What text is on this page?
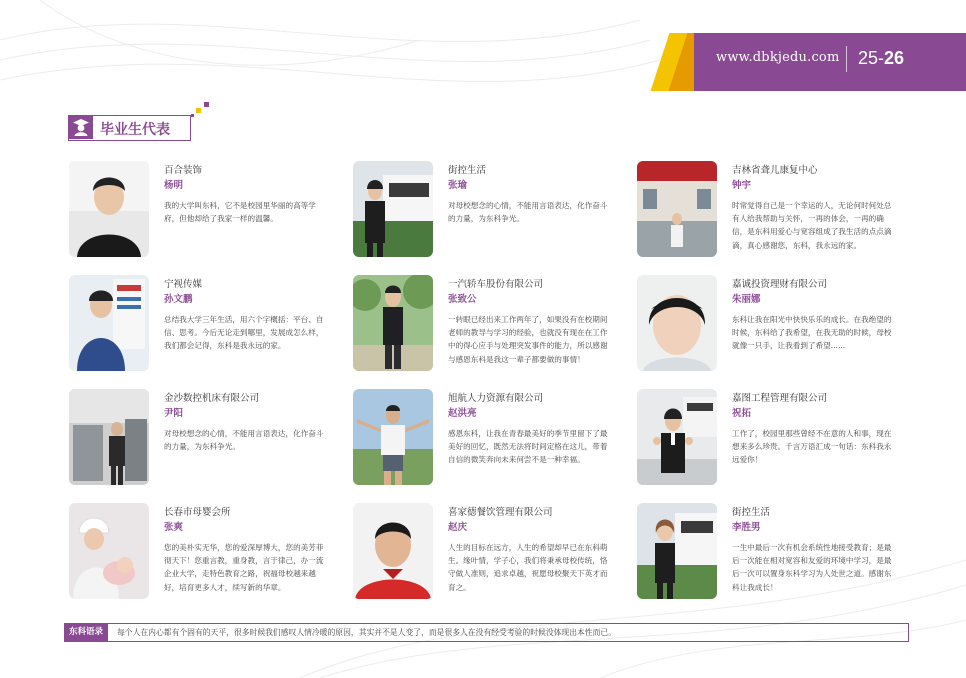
www.dbkjedu.com 25-26
毕业生代表
百合装饰
杨明
我的大学叫东科，它不是校园里华丽的高等学府，但他却给了我家一样的温馨。
街控生活
张瑜
对母校想念的心情，不能用言语表达，化作奋斗的力量，为东科争光。
吉林省聋儿康复中心
钟宇
时常觉得自己是一个幸运的人，无论何时何处总有人给我帮助与关怀，一再的体会，一再的确信，是东科用爱心与宽容组成了我生活的点点滴滴，真心感谢您，东科，我永远的家。
宁视传媒
孙文鹏
总结我大学三年生活，用六个字概括：平台、自信、思考。今后无论走到哪里，发展成怎么样，我们都会记得，东科是我永远的家。
一汽轿车股份有限公司
张致公
一转眼已经出来工作两年了，如果没有在校期间老师的教导与学习的经验，也就没有现在在工作中的得心应手与处理突发事件的能力，所以感谢与感恩东科是我这一辈子都要做的事情！
嘉诚投资理财有限公司
朱丽娜
东科让我在阳光中快快乐乐的成长。在我绝望的时候，东科给了我希望，在我无助的时候，母校就像一只手，让我看到了希望......
金沙数控机床有限公司
尹阳
对母校想念的心情，不能用言语表达，化作奋斗的力量，为东科争光。
旭航人力资源有限公司
赵洪亮
感恩东科，让我在青春最美好的季节里留下了最美好的回忆，既然无法将时间定格在这儿，带着自信的微笑奔向未来何尝不是一种幸福。
嘉图工程管理有限公司
祝拓
工作了，校园里那些曾经不在意的人和事，现在想来多么珍贵。千言万语汇成一句话：东科我永远爱你！
长春市母婴会所
张爽
您的美朴实无华，您的爱深厚博大，您的美芳菲彻天下！您重言教，重身教，言于律己，办一流企业大学，走特色教育之路，祝福母校越来越好，培育更多人才，续写新的华章。
喜家德餐饮管理有限公司
赵庆
人生的目标在远方，人生的希望却早已在东科萌生。缘叶情，学子心，我们将秉承母校传统，恪守做人准则，追求卓越，祝愿母校聚天下英才而育之。
街控生活
李胜男
一生中最后一次有机会系统性地接受教育；是最后一次能在相对宽容和友爱的环境中学习，是最后一次可以置身东科学习为人处世之道。感谢东科让我成长！
东科语录	每个人在内心都有个固有的天平，很多时候我们感叹人情冷暖的原因，其实并不是人变了，而是很多人在没有经受考验的时候没体现出本性而已。
